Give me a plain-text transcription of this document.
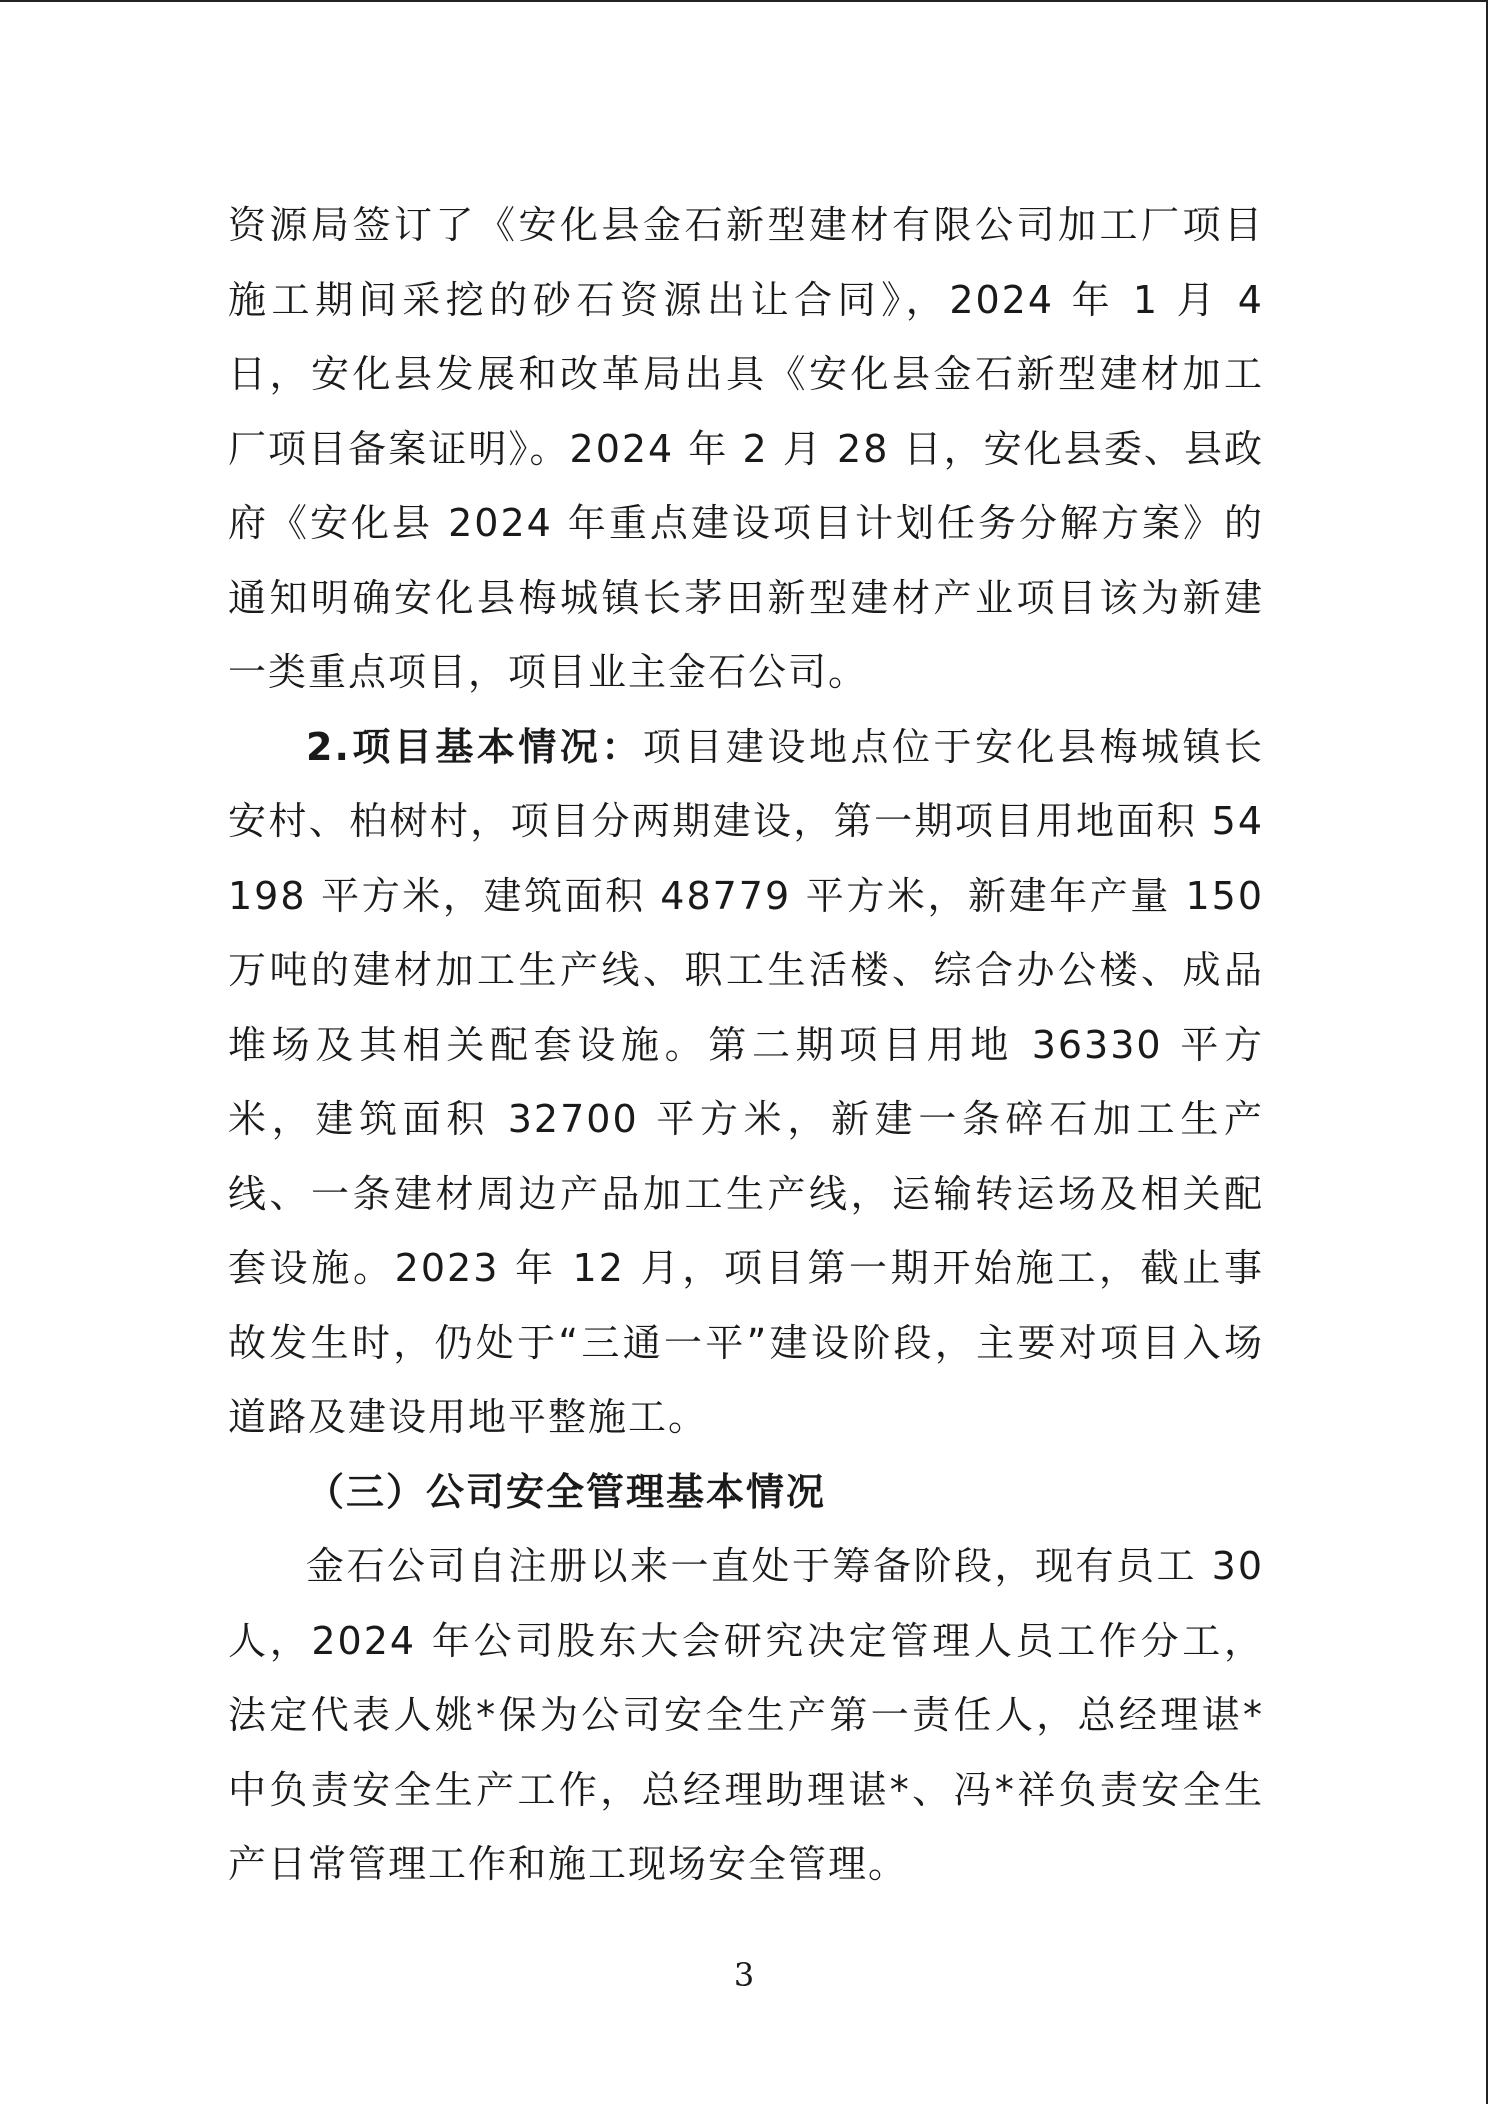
资源局签订了《安化县金石新型建材有限公司加工厂项目施工期间采挖的砂石资源出让合同》，2024 年 1 月 4 日，安化县发展和改革局出具《安化县金石新型建材加工厂项目备案证明》。2024 年 2 月 28 日，安化县委、县政府《安化县 2024 年重点建设项目计划任务分解方案》的通知明确安化县梅城镇长茅田新型建材产业项目该为新建一类重点项目，项目业主金石公司。

2.项目基本情况：项目建设地点位于安化县梅城镇长安村、柏树村，项目分两期建设，第一期项目用地面积 54198 平方米，建筑面积 48779 平方米，新建年产量 150 万吨的建材加工生产线、职工生活楼、综合办公楼、成品堆场及其相关配套设施。第二期项目用地 36330 平方米，建筑面积 32700 平方米，新建一条碎石加工生产线、一条建材周边产品加工生产线，运输转运场及相关配套设施。2023 年 12 月，项目第一期开始施工，截止事故发生时，仍处于“三通一平”建设阶段，主要对项目入场道路及建设用地平整施工。

（三）公司安全管理基本情况

金石公司自注册以来一直处于筹备阶段，现有员工 30 人，2024 年公司股东大会研究决定管理人员工作分工，法定代表人姚*保为公司安全生产第一责任人，总经理谌*中负责安全生产工作，总经理助理谌*、冯*祥负责安全生产日常管理工作和施工现场安全管理。

3
